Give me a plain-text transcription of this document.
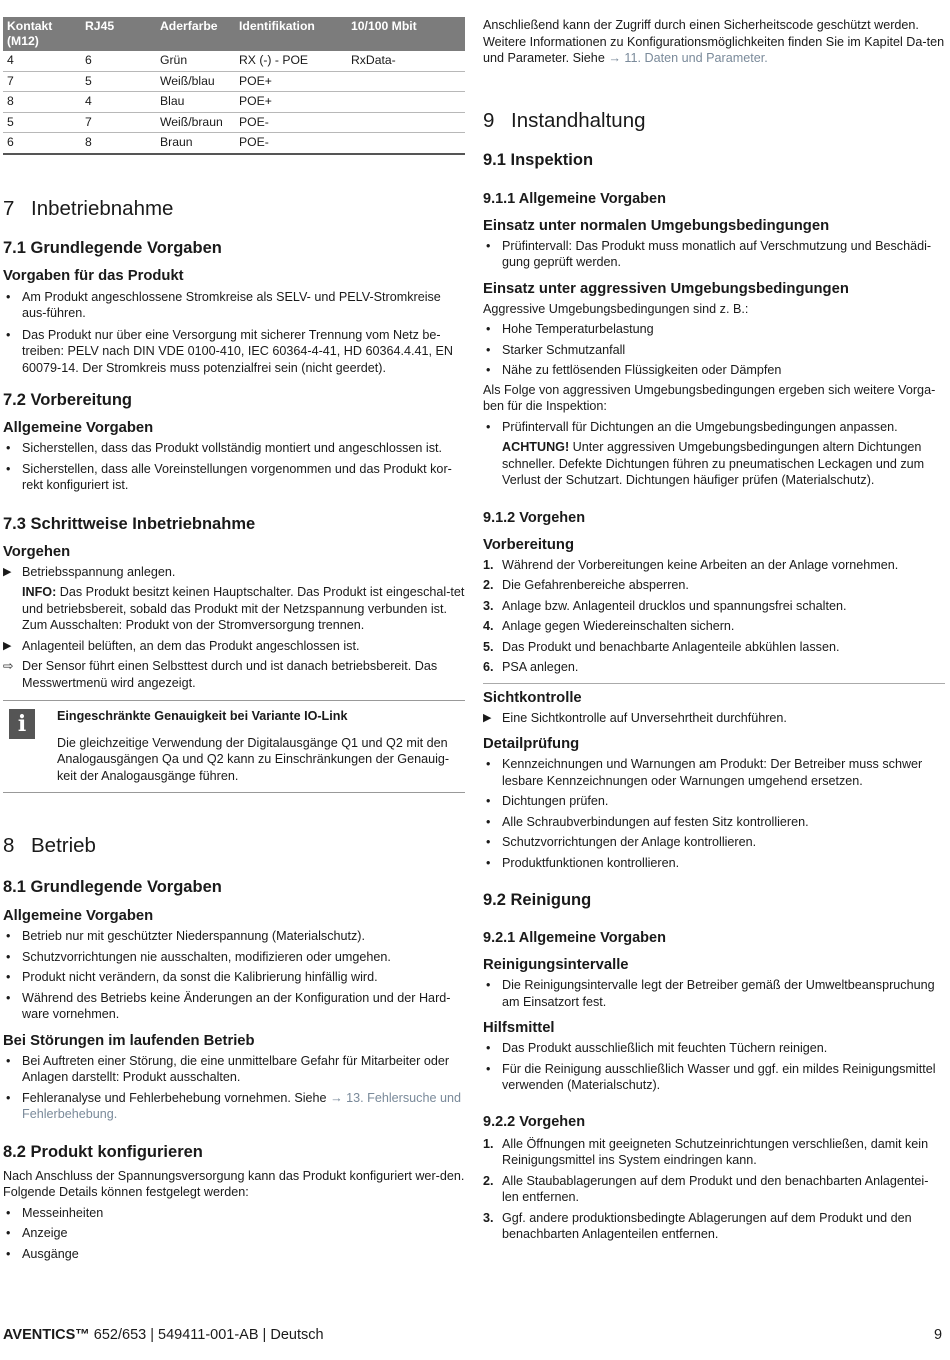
Kontakt (M12)	RJ45	Aderfarbe	Identifikation	10/100 Mbit
4	6	Grün	RX (-) - POE	RxData-
7	5	Weiß/blau	POE+	
8	4	Blau	POE+	
5	7	Weiß/braun	POE-	
6	8	Braun	POE-	
7 Inbetriebnahme
7.1 Grundlegende Vorgaben
Vorgaben für das Produkt

• Am Produkt angeschlossene Stromkreise als SELV- und PELV-Stromkreise aus-führen.

• Das Produkt nur über eine Versorgung mit sicherer Trennung vom Netz be-treiben: PELV nach DIN VDE 0100-410, IEC 60364-4-41, HD 60364.4.41, EN 60079-14. Der Stromkreis muss potenzialfrei sein (nicht geerdet).

7.2 Vorbereitung
Allgemeine Vorgaben

• Sicherstellen, dass das Produkt vollständig montiert und angeschlossen ist.

• Sicherstellen, dass alle Voreinstellungen vorgenommen und das Produkt kor-rekt konfiguriert ist.

7.3 Schrittweise Inbetriebnahme
Vorgehen

▶ Betriebsspannung anlegen.

INFO: Das Produkt besitzt keinen Hauptschalter. Das Produkt ist eingeschal-tet und betriebsbereit, sobald das Produkt mit der Netzspannung verbunden ist. Zum Ausschalten: Produkt von der Stromversorgung trennen.

▶ Anlagenteil belüften, an dem das Produkt angeschlossen ist.

⇨ Der Sensor führt einen Selbsttest durch und ist danach betriebsbereit. Das Messwertmenü wird angezeigt.

i	Eingeschränkte Genauigkeit bei Variante IO-Link

Die gleichzeitige Verwendung der Digitalausgänge Q1 und Q2 mit den Analogausgängen Qa und Q2 kann zu Einschränkungen der Genauig-keit der Analogausgänge führen.

8 Betrieb
8.1 Grundlegende Vorgaben
Allgemeine Vorgaben

• Betrieb nur mit geschützter Niederspannung (Materialschutz).

• Schutzvorrichtungen nie ausschalten, modifizieren oder umgehen.

• Produkt nicht verändern, da sonst die Kalibrierung hinfällig wird.

• Während des Betriebs keine Änderungen an der Konfiguration und der Hard-ware vornehmen.

Bei Störungen im laufenden Betrieb

• Bei Auftreten einer Störung, die eine unmittelbare Gefahr für Mitarbeiter oder Anlagen darstellt: Produkt ausschalten.

• Fehleranalyse und Fehlerbehebung vornehmen. Siehe → 13. Fehlersuche und Fehlerbehebung.

8.2 Produkt konfigurieren

Nach Anschluss der Spannungsversorgung kann das Produkt konfiguriert wer-den. Folgende Details können festgelegt werden:

• Messeinheiten

• Anzeige

• Ausgänge

Anschließend kann der Zugriff durch einen Sicherheitscode geschützt werden. Weitere Informationen zu Konfigurationsmöglichkeiten finden Sie im Kapitel Da-ten und Parameter. Siehe → 11. Daten und Parameter.

9 Instandhaltung
9.1 Inspektion
9.1.1 Allgemeine Vorgaben
Einsatz unter normalen Umgebungsbedingungen

• Prüfintervall: Das Produkt muss monatlich auf Verschmutzung und Beschädi-gung geprüft werden.

Einsatz unter aggressiven Umgebungsbedingungen

Aggressive Umgebungsbedingungen sind z. B.:

• Hohe Temperaturbelastung

• Starker Schmutzanfall

• Nähe zu fettlösenden Flüssigkeiten oder Dämpfen

Als Folge von aggressiven Umgebungsbedingungen ergeben sich weitere Vorga-ben für die Inspektion:

• Prüfintervall für Dichtungen an die Umgebungsbedingungen anpassen.

ACHTUNG! Unter aggressiven Umgebungsbedingungen altern Dichtungen schneller. Defekte Dichtungen führen zu pneumatischen Leckagen und zum Verlust der Schutzart. Dichtungen häufiger prüfen (Materialschutz).

9.1.2 Vorgehen
Vorbereitung

1. Während der Vorbereitungen keine Arbeiten an der Anlage vornehmen.

2. Die Gefahrenbereiche absperren.

3. Anlage bzw. Anlagenteil drucklos und spannungsfrei schalten.

4. Anlage gegen Wiedereinschalten sichern.

5. Das Produkt und benachbarte Anlagenteile abkühlen lassen.

6. PSA anlegen.

Sichtkontrolle

▶ Eine Sichtkontrolle auf Unversehrtheit durchführen.

Detailprüfung

• Kennzeichnungen und Warnungen am Produkt: Der Betreiber muss schwer lesbare Kennzeichnungen oder Warnungen umgehend ersetzen.

• Dichtungen prüfen.

• Alle Schraubverbindungen auf festen Sitz kontrollieren.

• Schutzvorrichtungen der Anlage kontrollieren.

• Produktfunktionen kontrollieren.

9.2 Reinigung
9.2.1 Allgemeine Vorgaben
Reinigungsintervalle

• Die Reinigungsintervalle legt der Betreiber gemäß der Umweltbeanspruchung am Einsatzort fest.

Hilfsmittel

• Das Produkt ausschließlich mit feuchten Tüchern reinigen.

• Für die Reinigung ausschließlich Wasser und ggf. ein mildes Reinigungsmittel verwenden (Materialschutz).

9.2.2 Vorgehen

1. Alle Öffnungen mit geeigneten Schutzeinrichtungen verschließen, damit kein Reinigungsmittel ins System eindringen kann.

2. Alle Staubablagerungen auf dem Produkt und den benachbarten Anlagentei-len entfernen.

3. Ggf. andere produktionsbedingte Ablagerungen auf dem Produkt und den benachbarten Anlagenteilen entfernen.

AVENTICS™ 652/653 | 549411-001-AB | Deutsch	9
